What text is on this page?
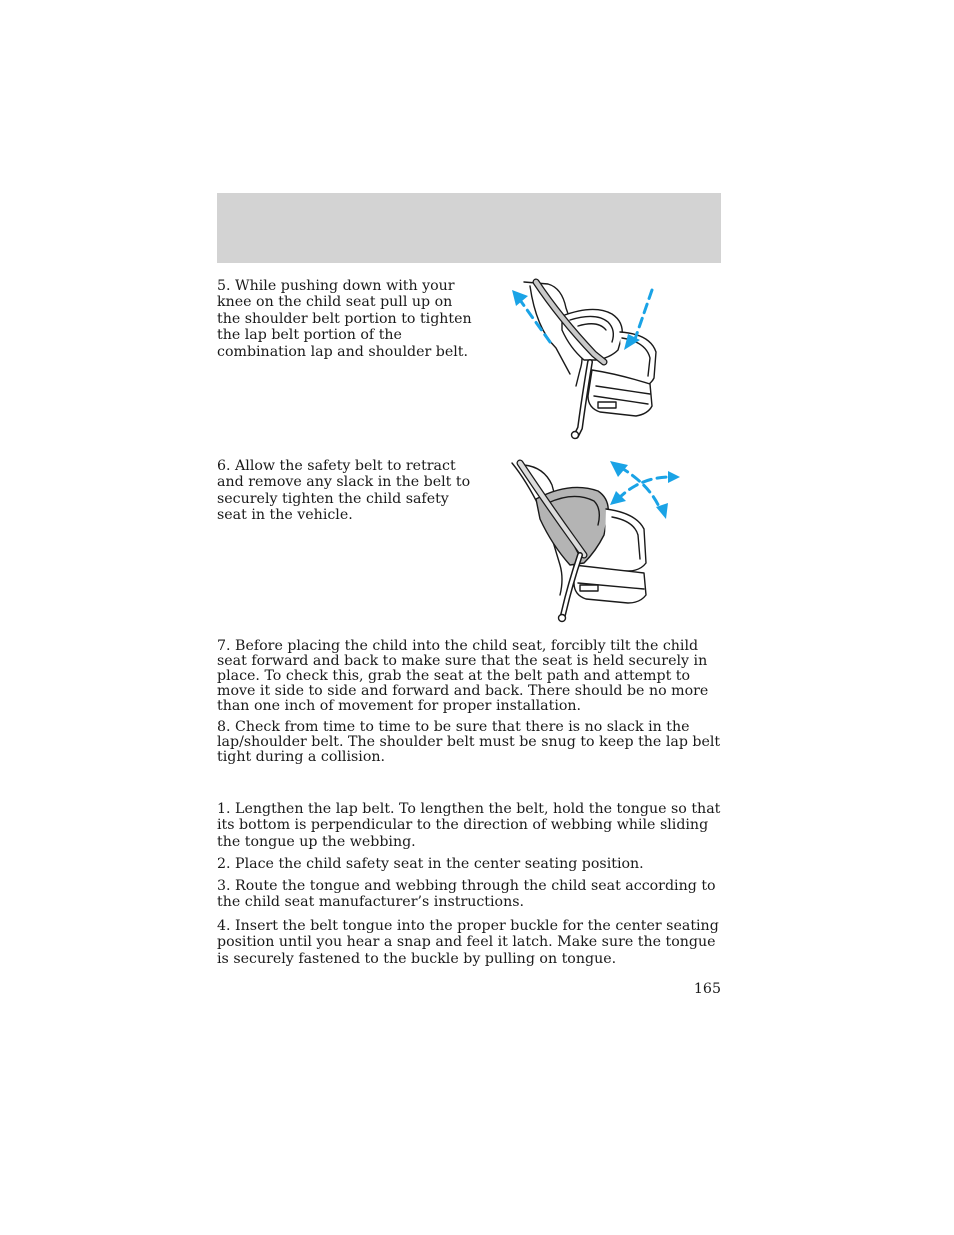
5. While pushing down with your knee on the child seat pull up on the shoulder belt portion to tighten the lap belt portion of the combination lap and shoulder belt.

6. Allow the safety belt to retract and remove any slack in the belt to securely tighten the child safety seat in the vehicle.

7. Before placing the child into the child seat, forcibly tilt the child seat forward and back to make sure that the seat is held securely in place. To check this, grab the seat at the belt path and attempt to move it side to side and forward and back. There should be no more than one inch of movement for proper installation.

8. Check from time to time to be sure that there is no slack in the lap/shoulder belt. The shoulder belt must be snug to keep the lap belt tight during a collision.

1. Lengthen the lap belt. To lengthen the belt, hold the tongue so that its bottom is perpendicular to the direction of webbing while sliding the tongue up the webbing.

2. Place the child safety seat in the center seating position.

3. Route the tongue and webbing through the child seat according to the child seat manufacturer’s instructions.

4. Insert the belt tongue into the proper buckle for the center seating position until you hear a snap and feel it latch. Make sure the tongue is securely fastened to the buckle by pulling on tongue.

165
